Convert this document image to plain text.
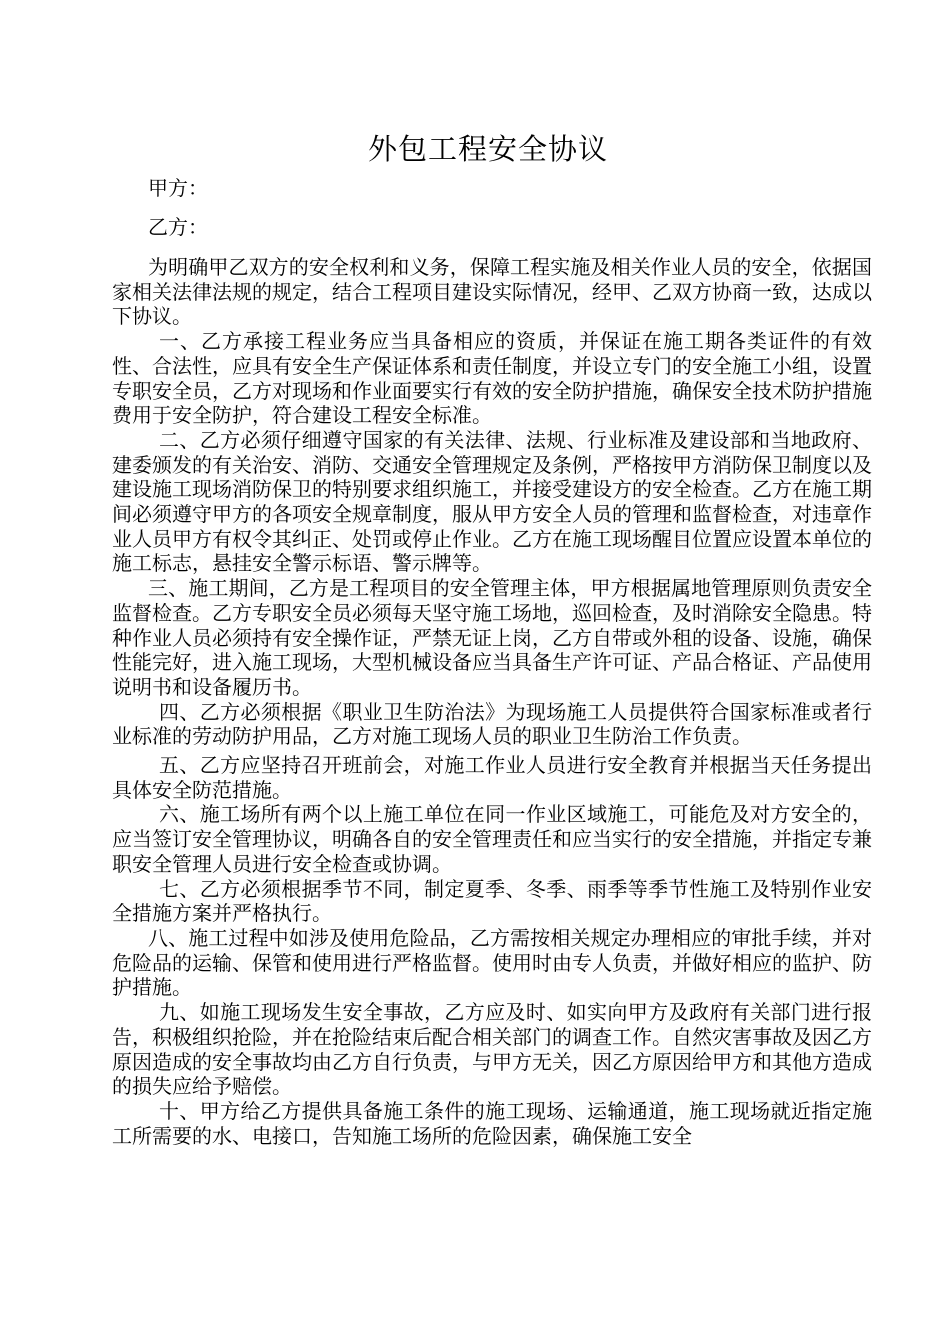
外包工程安全协议

甲方：

乙方：

为明确甲乙双方的安全权利和义务，保障工程实施及相关作业人员的安全，依据国家相关法律法规的规定，结合工程项目建设实际情况，经甲、乙双方协商一致，达成以下协议。

一、乙方承接工程业务应当具备相应的资质，并保证在施工期各类证件的有效性、合法性，应具有安全生产保证体系和责任制度，并设立专门的安全施工小组，设置专职安全员，乙方对现场和作业面要实行有效的安全防护措施，确保安全技术防护措施费用于安全防护，符合建设工程安全标准。

二、乙方必须仔细遵守国家的有关法律、法规、行业标准及建设部和当地政府、建委颁发的有关治安、消防、交通安全管理规定及条例，严格按甲方消防保卫制度以及建设施工现场消防保卫的特别要求组织施工，并接受建设方的安全检查。乙方在施工期间必须遵守甲方的各项安全规章制度，服从甲方安全人员的管理和监督检查，对违章作业人员甲方有权令其纠正、处罚或停止作业。乙方在施工现场醒目位置应设置本单位的施工标志，悬挂安全警示标语、警示牌等。

三、施工期间，乙方是工程项目的安全管理主体，甲方根据属地管理原则负责安全监督检查。乙方专职安全员必须每天坚守施工场地，巡回检查，及时消除安全隐患。特种作业人员必须持有安全操作证，严禁无证上岗，乙方自带或外租的设备、设施，确保性能完好，进入施工现场，大型机械设备应当具备生产许可证、产品合格证、产品使用说明书和设备履历书。

四、乙方必须根据《职业卫生防治法》为现场施工人员提供符合国家标准或者行业标准的劳动防护用品，乙方对施工现场人员的职业卫生防治工作负责。

五、乙方应坚持召开班前会，对施工作业人员进行安全教育并根据当天任务提出具体安全防范措施。

六、施工场所有两个以上施工单位在同一作业区域施工，可能危及对方安全的，应当签订安全管理协议，明确各自的安全管理责任和应当实行的安全措施，并指定专兼职安全管理人员进行安全检查或协调。

七、乙方必须根据季节不同，制定夏季、冬季、雨季等季节性施工及特别作业安全措施方案并严格执行。

八、施工过程中如涉及使用危险品，乙方需按相关规定办理相应的审批手续，并对危险品的运输、保管和使用进行严格监督。使用时由专人负责，并做好相应的监护、防护措施。

九、如施工现场发生安全事故，乙方应及时、如实向甲方及政府有关部门进行报告，积极组织抢险，并在抢险结束后配合相关部门的调查工作。自然灾害事故及因乙方原因造成的安全事故均由乙方自行负责，与甲方无关，因乙方原因给甲方和其他方造成的损失应给予赔偿。

十、甲方给乙方提供具备施工条件的施工现场、运输通道，施工现场就近指定施工所需要的水、电接口，告知施工场所的危险因素，确保施工安全
